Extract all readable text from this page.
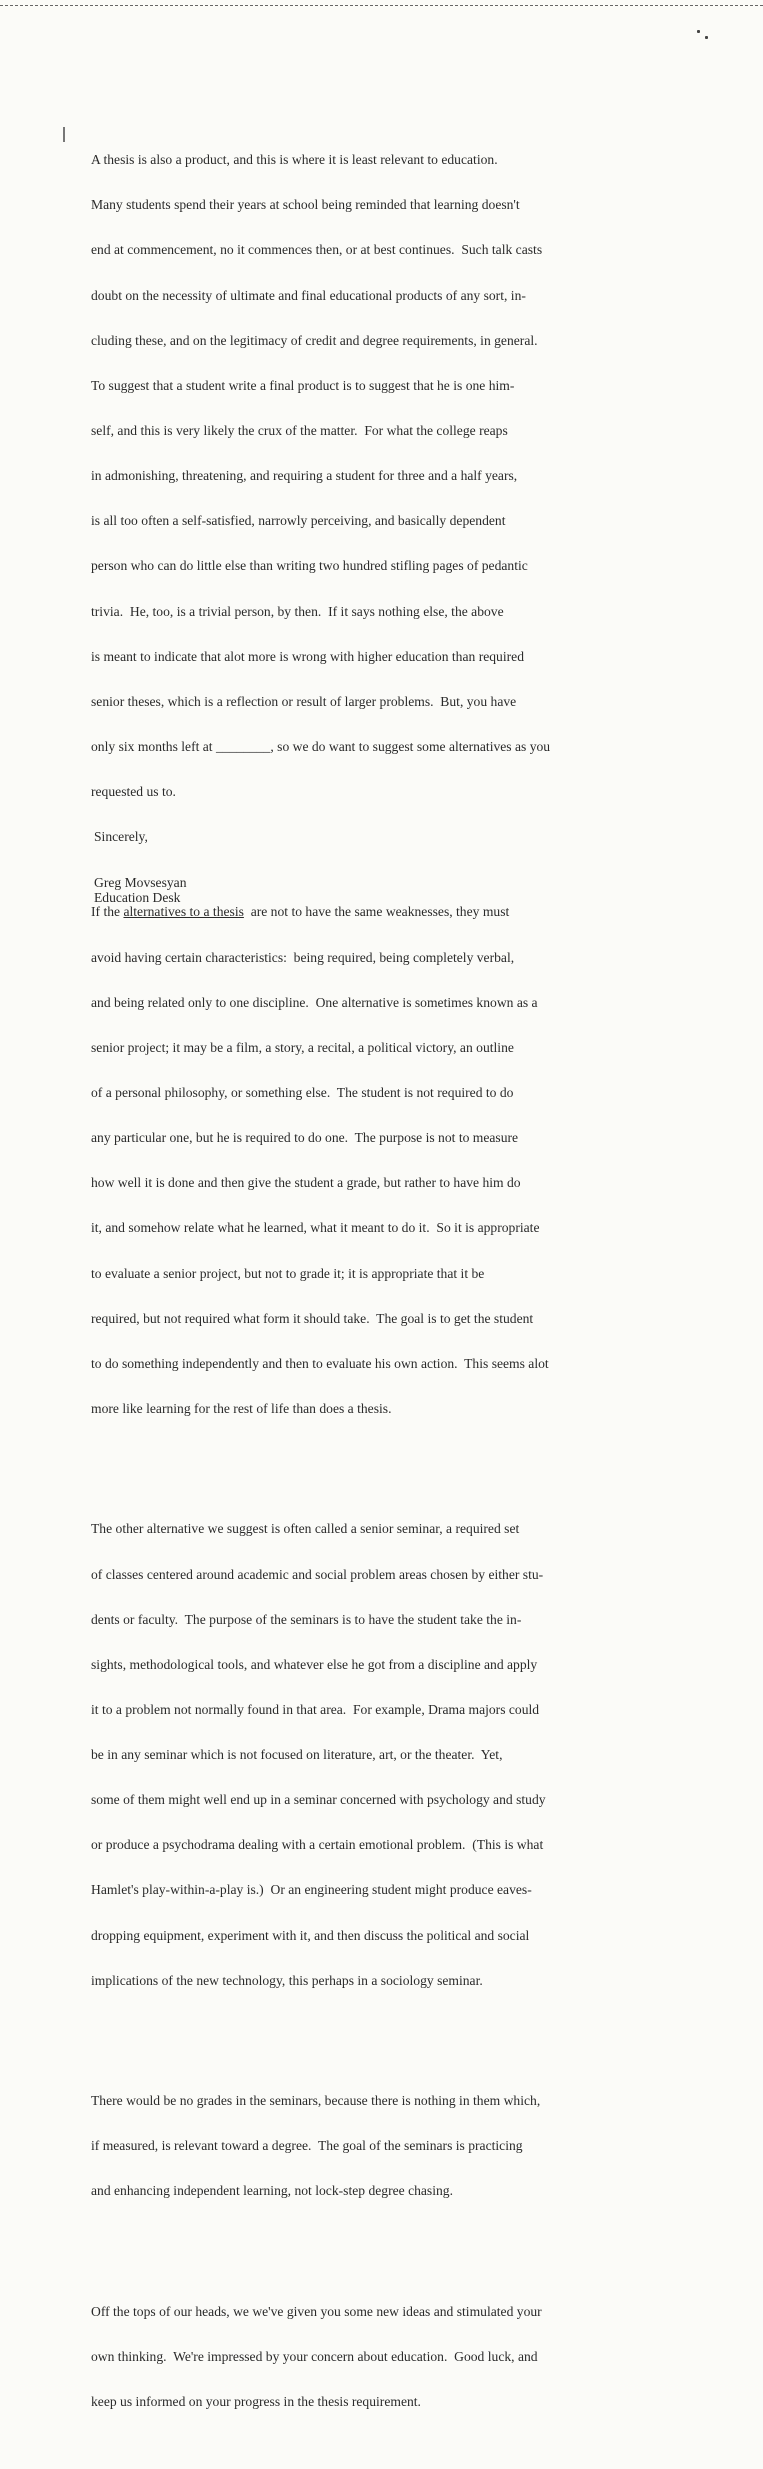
A thesis is also a product, and this is where it is least relevant to education.

Many students spend their years at school being reminded that learning doesn't

end at commencement, no it commences then, or at best continues.  Such talk casts

doubt on the necessity of ultimate and final educational products of any sort, in-

cluding these, and on the legitimacy of credit and degree requirements, in general.

To suggest that a student write a final product is to suggest that he is one him-

self, and this is very likely the crux of the matter.  For what the college reaps

in admonishing, threatening, and requiring a student for three and a half years,

is all too often a self-satisfied, narrowly perceiving, and basically dependent

person who can do little else than writing two hundred stifling pages of pedantic

trivia.  He, too, is a trivial person, by then.  If it says nothing else, the above

is meant to indicate that alot more is wrong with higher education than required

senior theses, which is a reflection or result of larger problems.  But, you have

only six months left at ________, so we do want to suggest some alternatives as you

requested us to.

If the alternatives to a thesis  are not to have the same weaknesses, they must

avoid having certain characteristics:  being required, being completely verbal,

and being related only to one discipline.  One alternative is sometimes known as a

senior project; it may be a film, a story, a recital, a political victory, an outline

of a personal philosophy, or something else.  The student is not required to do

any particular one, but he is required to do one.  The purpose is not to measure

how well it is done and then give the student a grade, but rather to have him do

it, and somehow relate what he learned, what it meant to do it.  So it is appropriate

to evaluate a senior project, but not to grade it; it is appropriate that it be

required, but not required what form it should take.  The goal is to get the student

to do something independently and then to evaluate his own action.  This seems alot

more like learning for the rest of life than does a thesis.

The other alternative we suggest is often called a senior seminar, a required set

of classes centered around academic and social problem areas chosen by either stu-

dents or faculty.  The purpose of the seminars is to have the student take the in-

sights, methodological tools, and whatever else he got from a discipline and apply

it to a problem not normally found in that area.  For example, Drama majors could

be in any seminar which is not focused on literature, art, or the theater.  Yet,

some of them might well end up in a seminar concerned with psychology and study

or produce a psychodrama dealing with a certain emotional problem.  (This is what

Hamlet's play-within-a-play is.)  Or an engineering student might produce eaves-

dropping equipment, experiment with it, and then discuss the political and social

implications of the new technology, this perhaps in a sociology seminar.

There would be no grades in the seminars, because there is nothing in them which,

if measured, is relevant toward a degree.  The goal of the seminars is practicing

and enhancing independent learning, not lock-step degree chasing.

Off the tops of our heads, we we've given you some new ideas and stimulated your

own thinking.  We're impressed by your concern about education.  Good luck, and

keep us informed on your progress in the thesis requirement.

Sincerely,
Greg Movsesyan
Education Desk
